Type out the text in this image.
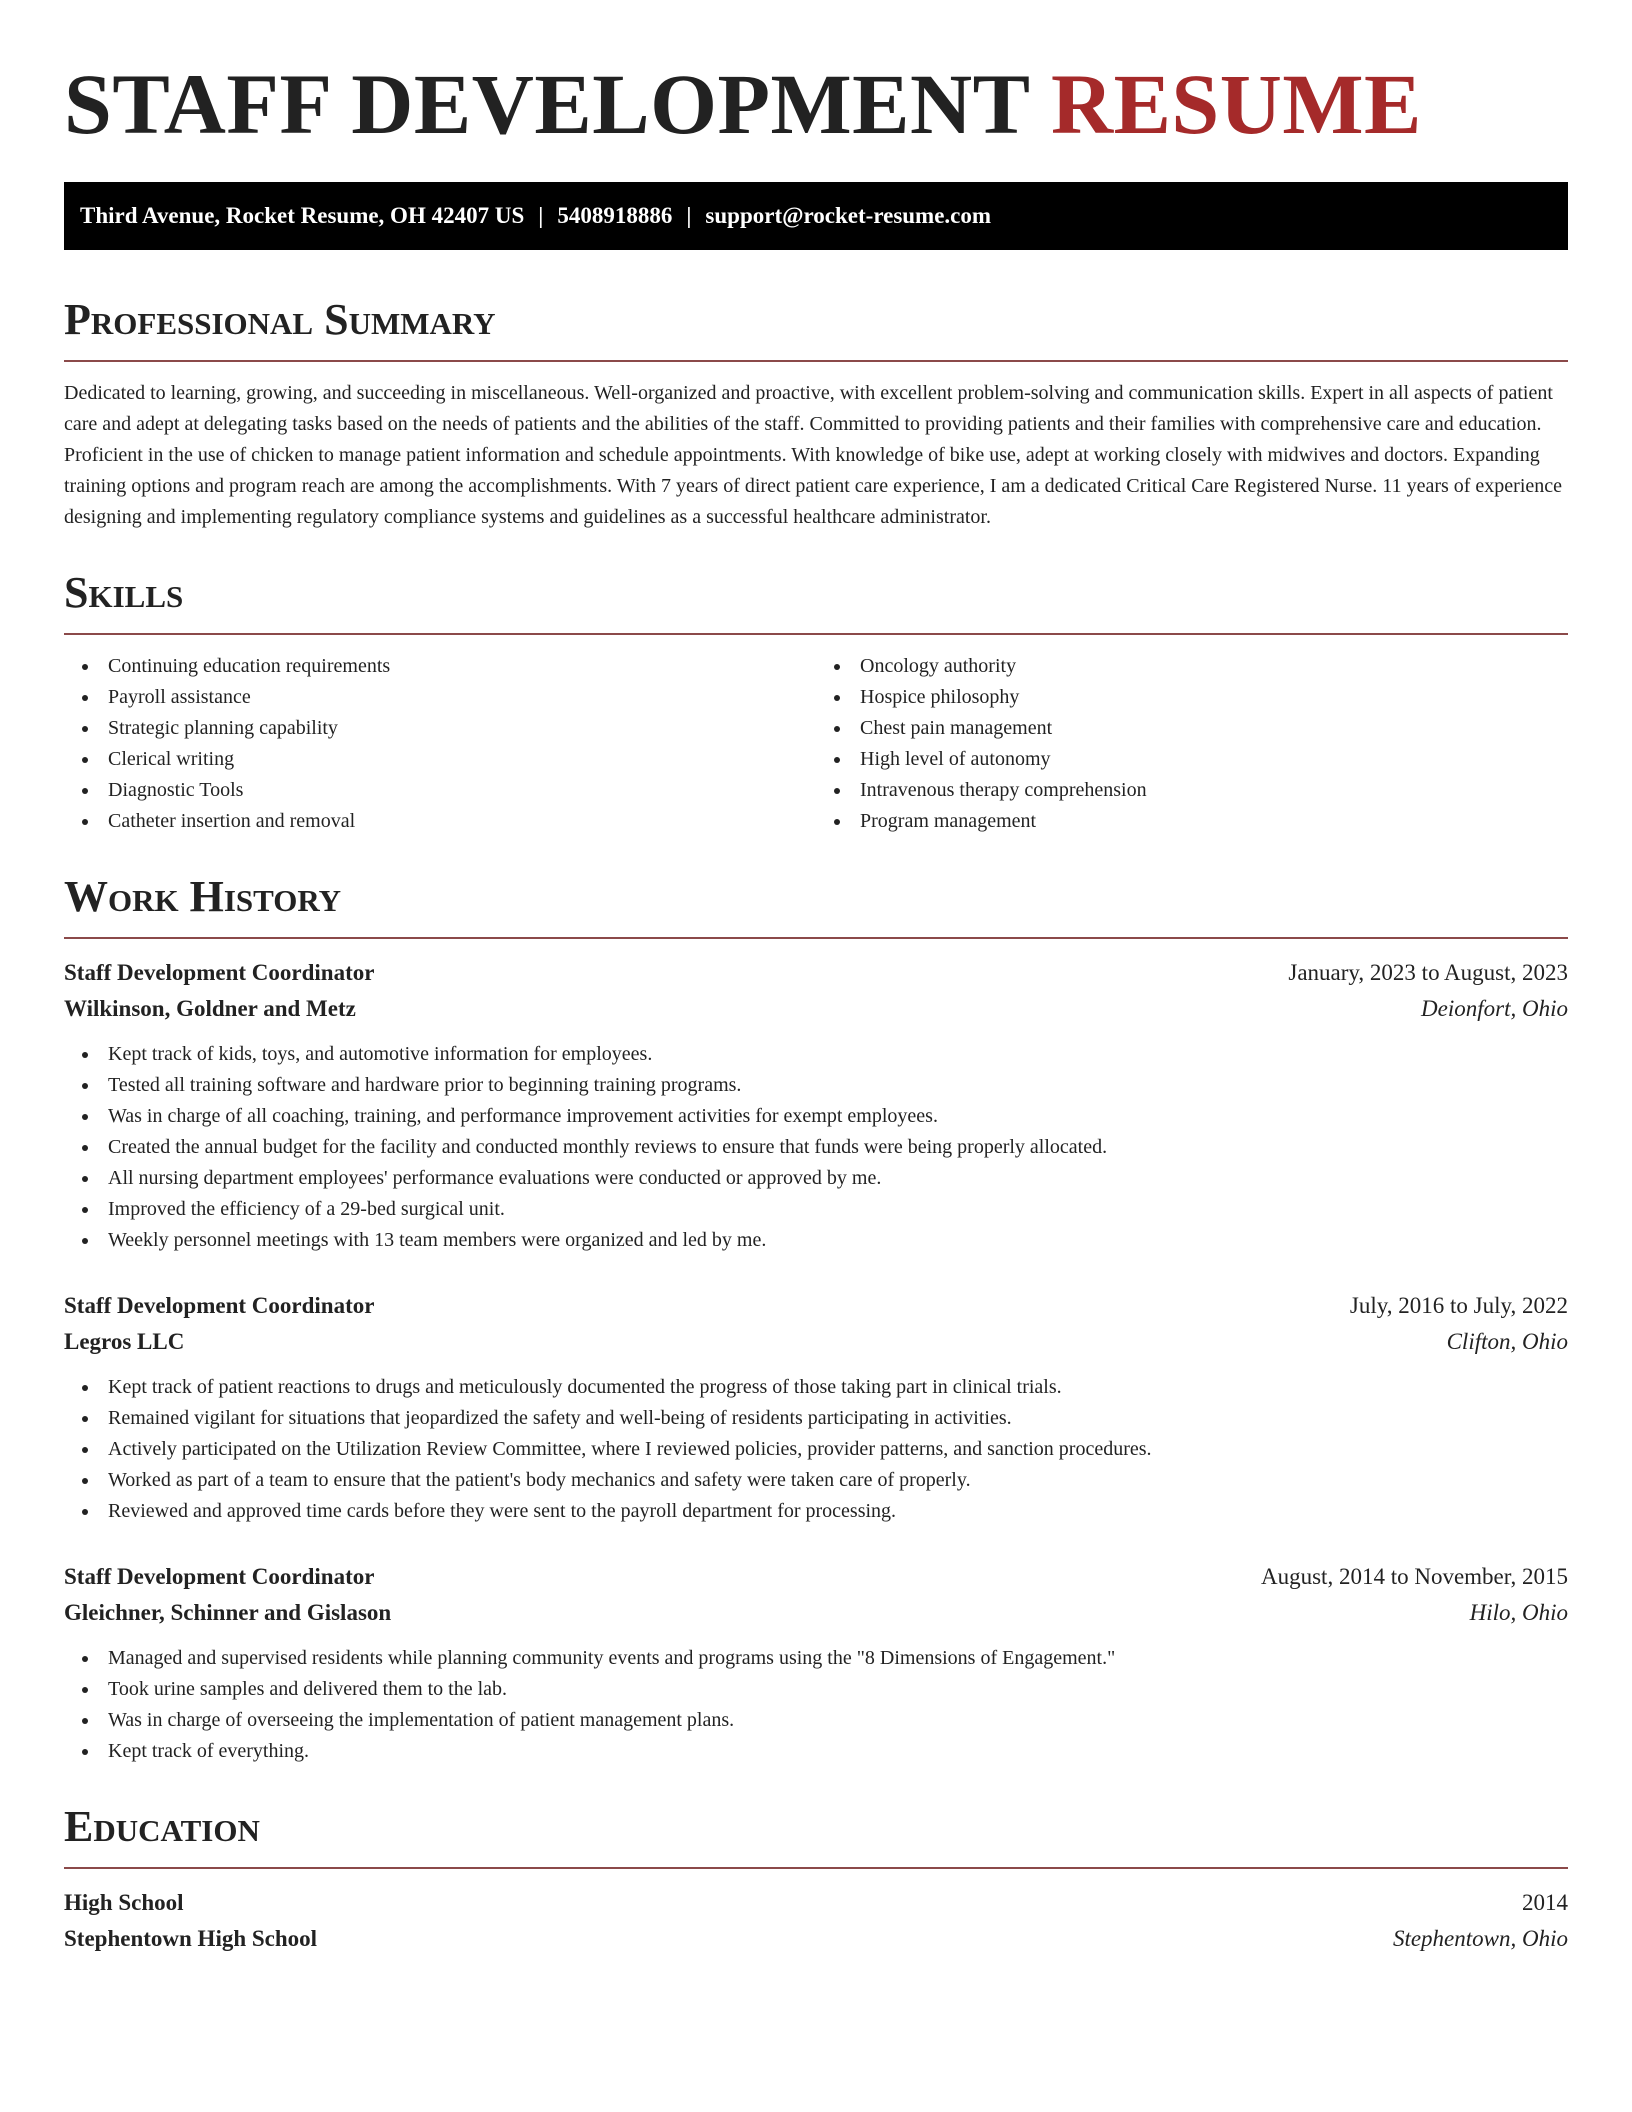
STAFF DEVELOPMENT RESUME
Third Avenue, Rocket Resume, OH 42407 US | 5408918886 | support@rocket-resume.com
Professional Summary

Dedicated to learning, growing, and succeeding in miscellaneous. Well-organized and proactive, with excellent problem-solving and communication skills. Expert in all aspects of patient care and adept at delegating tasks based on the needs of patients and the abilities of the staff. Committed to providing patients and their families with comprehensive care and education. Proficient in the use of chicken to manage patient information and schedule appointments. With knowledge of bike use, adept at working closely with midwives and doctors. Expanding training options and program reach are among the accomplishments. With 7 years of direct patient care experience, I am a dedicated Critical Care Registered Nurse. 11 years of experience designing and implementing regulatory compliance systems and guidelines as a successful healthcare administrator.

Skills
Continuing education requirements
Payroll assistance
Strategic planning capability
Clerical writing
Diagnostic Tools
Catheter insertion and removal
Oncology authority
Hospice philosophy
Chest pain management
High level of autonomy
Intravenous therapy comprehension
Program management
Work History
Staff Development Coordinator	January, 2023 to August, 2023
Wilkinson, Goldner and Metz	Deionfort, Ohio
Kept track of kids, toys, and automotive information for employees.
Tested all training software and hardware prior to beginning training programs.
Was in charge of all coaching, training, and performance improvement activities for exempt employees.
Created the annual budget for the facility and conducted monthly reviews to ensure that funds were being properly allocated.
All nursing department employees' performance evaluations were conducted or approved by me.
Improved the efficiency of a 29-bed surgical unit.
Weekly personnel meetings with 13 team members were organized and led by me.
Staff Development Coordinator	July, 2016 to July, 2022
Legros LLC	Clifton, Ohio
Kept track of patient reactions to drugs and meticulously documented the progress of those taking part in clinical trials.
Remained vigilant for situations that jeopardized the safety and well-being of residents participating in activities.
Actively participated on the Utilization Review Committee, where I reviewed policies, provider patterns, and sanction procedures.
Worked as part of a team to ensure that the patient's body mechanics and safety were taken care of properly.
Reviewed and approved time cards before they were sent to the payroll department for processing.
Staff Development Coordinator	August, 2014 to November, 2015
Gleichner, Schinner and Gislason	Hilo, Ohio
Managed and supervised residents while planning community events and programs using the "8 Dimensions of Engagement."
Took urine samples and delivered them to the lab.
Was in charge of overseeing the implementation of patient management plans.
Kept track of everything.
Education
High School	2014
Stephentown High School	Stephentown, Ohio
